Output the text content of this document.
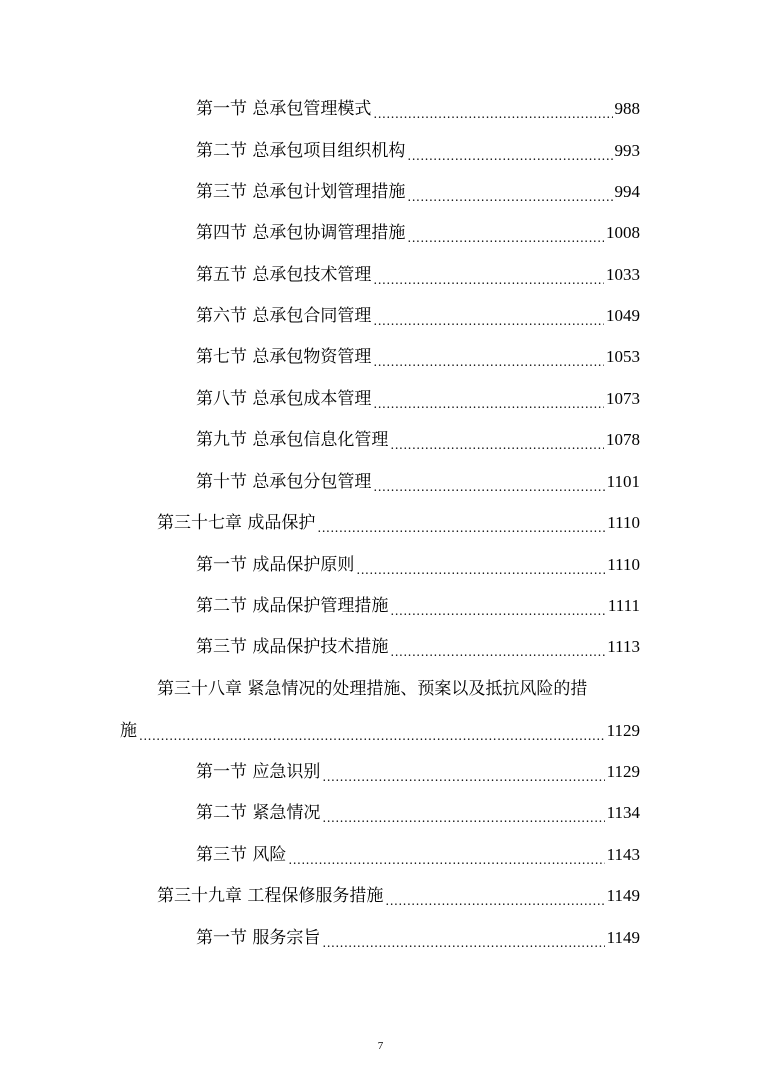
第一节 总承包管理模式 .....	988
第二节 总承包项目组织机构 .....	993
第三节 总承包计划管理措施 .....	994
第四节 总承包协调管理措施 .....	1008
第五节 总承包技术管理 .....	1033
第六节 总承包合同管理 .....	1049
第七节 总承包物资管理 .....	1053
第八节 总承包成本管理 .....	1073
第九节 总承包信息化管理 .....	1078
第十节 总承包分包管理 .....	1101
第三十七章 成品保护 .....	1110
第一节 成品保护原则 .....	1110
第二节 成品保护管理措施 .....	1111
第三节 成品保护技术措施 .....	1113
第三十八章 紧急情况的处理措施、预案以及抵抗风险的措
施 .....	1129
第一节 应急识别 .....	1129
第二节 紧急情况 .....	1134
第三节 风险 .....	1143
第三十九章 工程保修服务措施 .....	1149
第一节 服务宗旨 .....	1149
7
